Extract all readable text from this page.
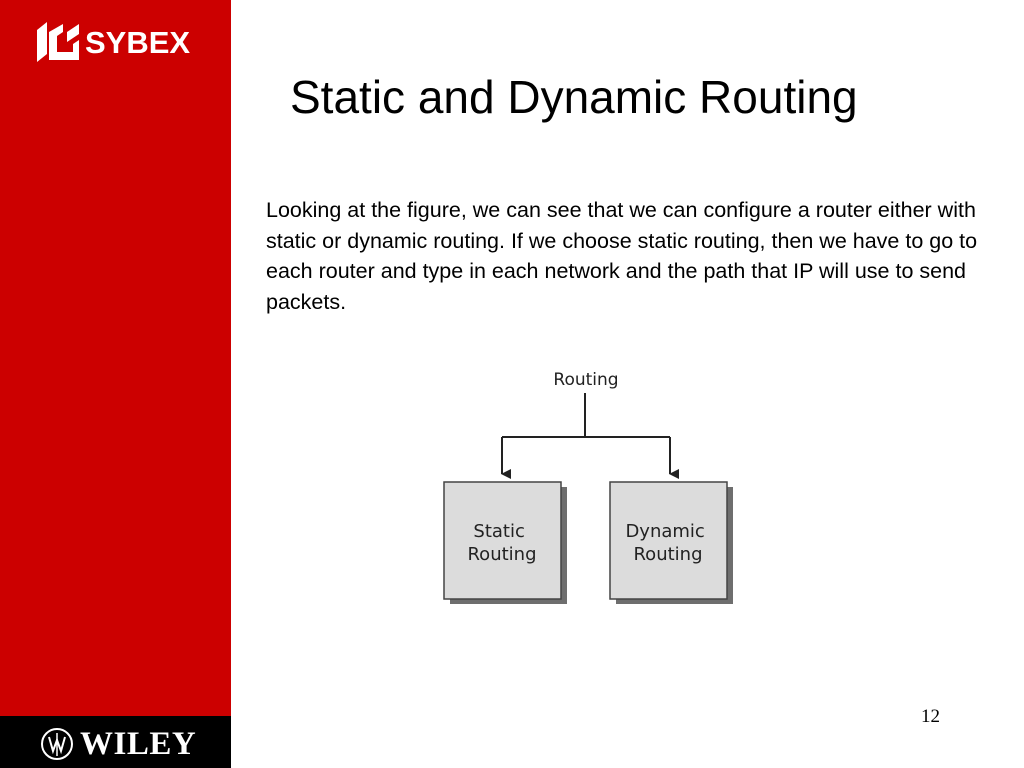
SYBEX
WILEY
Static and Dynamic Routing

Looking at the figure, we can see that we can configure a router either with static or dynamic routing. If we choose static routing, then we have to go to each router and type in each network and the path that IP will use to send packets.

Routing
Static Routing
Dynamic Routing
12
